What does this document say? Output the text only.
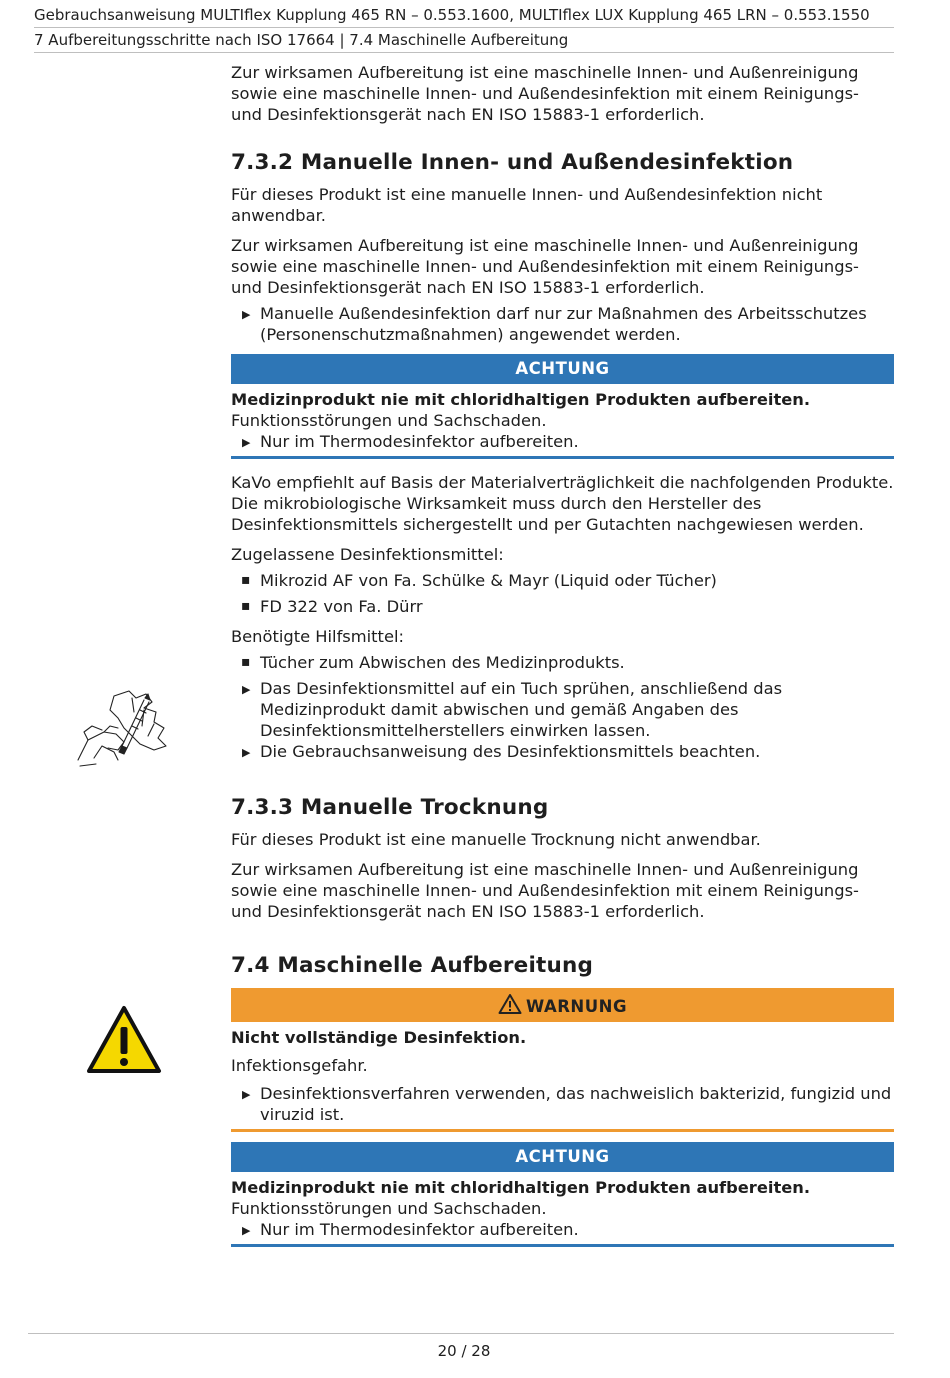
Gebrauchsanweisung MULTIflex Kupplung 465 RN – 0.553.1600, MULTIflex LUX Kupplung 465 LRN – 0.553.1550
7 Aufbereitungsschritte nach ISO 17664 | 7.4 Maschinelle Aufbereitung

Zur wirksamen Aufbereitung ist eine maschinelle Innen- und Außenreinigung sowie eine maschinelle Innen- und Außendesinfektion mit einem Reinigungs- und Desinfektionsgerät nach EN ISO 15883-1 erforderlich.

7.3.2 Manuelle Innen- und Außendesinfektion

Für dieses Produkt ist eine manuelle Innen- und Außendesinfektion nicht anwendbar.

Zur wirksamen Aufbereitung ist eine maschinelle Innen- und Außenreinigung sowie eine maschinelle Innen- und Außendesinfektion mit einem Reinigungs- und Desinfektionsgerät nach EN ISO 15883-1 erforderlich.

▶ Manuelle Außendesinfektion darf nur zur Maßnahmen des Arbeitsschutzes (Personenschutzmaßnahmen) angewendet werden.
ACHTUNG
Medizinprodukt nie mit chloridhaltigen Produkten aufbereiten.
Funktionsstörungen und Sachschaden.
▶ Nur im Thermodesinfektor aufbereiten.

KaVo empfiehlt auf Basis der Materialverträglichkeit die nachfolgenden Produkte. Die mikrobiologische Wirksamkeit muss durch den Hersteller des Desinfektionsmittels sichergestellt und per Gutachten nachgewiesen werden.

Zugelassene Desinfektionsmittel:

▪ Mikrozid AF von Fa. Schülke & Mayr (Liquid oder Tücher)
▪ FD 322 von Fa. Dürr

Benötigte Hilfsmittel:

▪ Tücher zum Abwischen des Medizinprodukts.
▶ Das Desinfektionsmittel auf ein Tuch sprühen, anschließend das Medizinprodukt damit abwischen und gemäß Angaben des Desinfektionsmittelherstellers einwirken lassen.
▶ Die Gebrauchsanweisung des Desinfektionsmittels beachten.
7.3.3 Manuelle Trocknung

Für dieses Produkt ist eine manuelle Trocknung nicht anwendbar.

Zur wirksamen Aufbereitung ist eine maschinelle Innen- und Außenreinigung sowie eine maschinelle Innen- und Außendesinfektion mit einem Reinigungs- und Desinfektionsgerät nach EN ISO 15883-1 erforderlich.

7.4 Maschinelle Aufbereitung
WARNUNG
Nicht vollständige Desinfektion.
Infektionsgefahr.
▶ Desinfektionsverfahren verwenden, das nachweislich bakterizid, fungizid und viruzid ist.
ACHTUNG
Medizinprodukt nie mit chloridhaltigen Produkten aufbereiten.
Funktionsstörungen und Sachschaden.
▶ Nur im Thermodesinfektor aufbereiten.
20 / 28
